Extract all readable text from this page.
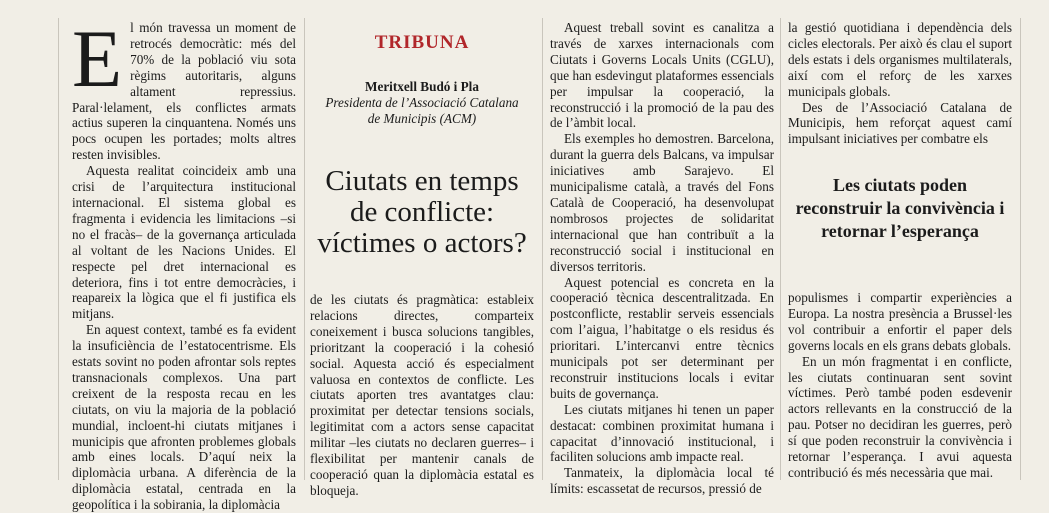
El món travessa un moment de retrocés democràtic: més del 70% de la població viu sota règims autoritaris, alguns altament repressius. Paral·lelament, els conflictes armats actius superen la cinquantena. Només uns pocs ocupen les portades; molts altres resten invisibles.

Aquesta realitat coincideix amb una crisi de l’arquitectura institucional internacional. El sistema global es fragmenta i evidencia les limitacions –si no el fracàs– de la governança articulada al voltant de les Nacions Unides. El respecte pel dret internacional es deteriora, fins i tot entre democràcies, i reapareix la lògica que el fi justifica els mitjans.

En aquest context, també es fa evident la insuficiència de l’estatocentrisme. Els estats sovint no poden afrontar sols reptes transnacionals complexos. Una part creixent de la resposta recau en les ciutats, on viu la majoria de la població mundial, incloent-hi ciutats mitjanes i municipis que afronten problemes globals amb eines locals. D’aquí neix la diplomàcia urbana. A diferència de la diplomàcia estatal, centrada en la geopolítica i la sobirania, la diplomàcia

TRIBUNA
Meritxell Budó i Pla
Presidenta de l’Associació Catalana
de Municipis (ACM)
Ciutats en temps de conflicte: víctimes o actors?

de les ciutats és pragmàtica: estableix relacions directes, comparteix coneixement i busca solucions tangibles, prioritzant la cooperació i la cohesió social. Aquesta acció és especialment valuosa en contextos de conflicte. Les ciutats aporten tres avantatges clau: proximitat per detectar tensions socials, legitimitat com a actors sense capacitat militar –les ciutats no declaren guerres– i flexibilitat per mantenir canals de cooperació quan la diplomàcia estatal es bloqueja.

Aquest treball sovint es canalitza a través de xarxes internacionals com Ciutats i Governs Locals Units (CGLU), que han esdevingut plataformes essencials per impulsar la cooperació, la reconstrucció i la promoció de la pau des de l’àmbit local.

Els exemples ho demostren. Barcelona, durant la guerra dels Balcans, va impulsar iniciatives amb Sarajevo. El municipalisme català, a través del Fons Català de Cooperació, ha desenvolupat nombrosos projectes de solidaritat internacional que han contribuït a la reconstrucció social i institucional en diversos territoris.

Aquest potencial es concreta en la cooperació tècnica descentralitzada. En postconflicte, restablir serveis essencials com l’aigua, l’habitatge o els residus és prioritari. L’intercanvi entre tècnics municipals pot ser determinant per reconstruir institucions locals i evitar buits de governança.

Les ciutats mitjanes hi tenen un paper destacat: combinen proximitat humana i capacitat d’innovació institucional, i faciliten solucions amb impacte real.

Tanmateix, la diplomàcia local té límits: escassetat de recursos, pressió de

la gestió quotidiana i dependència dels cicles electorals. Per això és clau el suport dels estats i dels organismes multilaterals, així com el reforç de les xarxes municipals globals.

Des de l’Associació Catalana de Municipis, hem reforçat aquest camí impulsant iniciatives per combatre els

Les ciutats poden reconstruir la convivència i retornar l’esperança

populismes i compartir experiències a Europa. La nostra presència a Brussel·les vol contribuir a enfortir el paper dels governs locals en els grans debats globals.

En un món fragmentat i en conflicte, les ciutats continuaran sent sovint víctimes. Però també poden esdevenir actors rellevants en la construcció de la pau. Potser no decidiran les guerres, però sí que poden reconstruir la convivència i retornar l’esperança. I avui aquesta contribució és més necessària que mai.
